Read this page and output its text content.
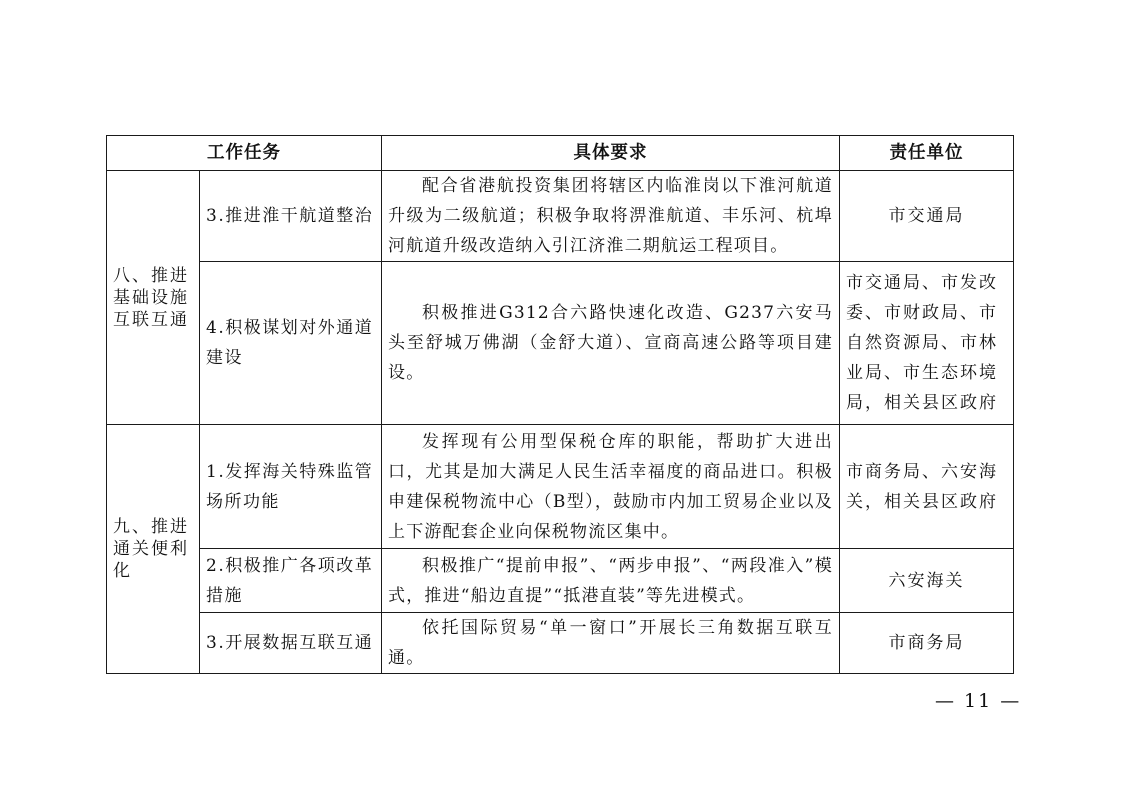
工作任务		具体要求	责任单位
八、推进基础设施互联互通	3.推进淮干航道整治	配合省港航投资集团将辖区内临淮岗以下淮河航道升级为二级航道；积极争取将淠淮航道、丰乐河、杭埠河航道升级改造纳入引江济淮二期航运工程项目。	市交通局
	4.积极谋划对外通道建设	积极推进G312合六路快速化改造、G237六安马头至舒城万佛湖（金舒大道）、宣商高速公路等项目建设。	市交通局、市发改委、市财政局、市自然资源局、市林业局、市生态环境局，相关县区政府
九、推进通关便利化	1.发挥海关特殊监管场所功能	发挥现有公用型保税仓库的职能，帮助扩大进出口，尤其是加大满足人民生活幸福度的商品进口。积极申建保税物流中心（B型），鼓励市内加工贸易企业以及上下游配套企业向保税物流区集中。	市商务局、六安海关，相关县区政府
	2.积极推广各项改革措施	积极推广“提前申报”、“两步申报”、“两段准入”模式，推进“船边直提”“抵港直装”等先进模式。	六安海关
	3.开展数据互联互通	依托国际贸易“单一窗口”开展长三角数据互联互通。	市商务局
— 11 —
